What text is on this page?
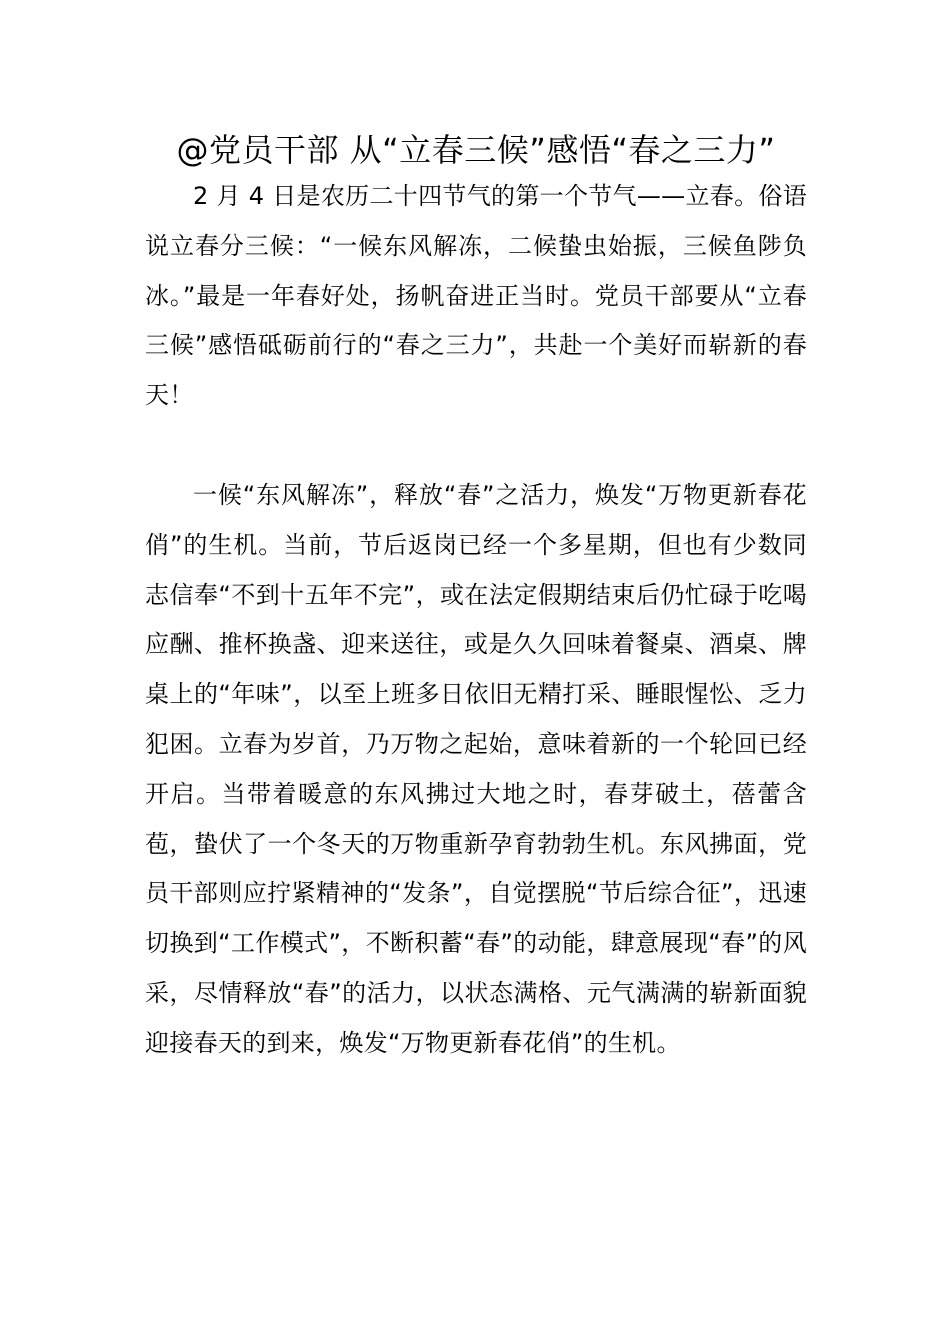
@党员干部 从“立春三候”感悟“春之三力”

2 月 4 日是农历二十四节气的第一个节气——立春。俗语说立春分三候：“一候东风解冻，二候蛰虫始振，三候鱼陟负冰。”最是一年春好处，扬帆奋进正当时。党员干部要从“立春三候”感悟砥砺前行的“春之三力”，共赴一个美好而崭新的春天！

一候“东风解冻”，释放“春”之活力，焕发“万物更新春花俏”的生机。当前，节后返岗已经一个多星期，但也有少数同志信奉“不到十五年不完”，或在法定假期结束后仍忙碌于吃喝应酬、推杯换盏、迎来送往，或是久久回味着餐桌、酒桌、牌桌上的“年味”，以至上班多日依旧无精打采、睡眼惺忪、乏力犯困。立春为岁首，乃万物之起始，意味着新的一个轮回已经开启。当带着暖意的东风拂过大地之时，春芽破土，蓓蕾含苞，蛰伏了一个冬天的万物重新孕育勃勃生机。东风拂面，党员干部则应拧紧精神的“发条”，自觉摆脱“节后综合征”，迅速切换到“工作模式”，不断积蓄“春”的动能，肆意展现“春”的风采，尽情释放“春”的活力，以状态满格、元气满满的崭新面貌迎接春天的到来，焕发“万物更新春花俏”的生机。
